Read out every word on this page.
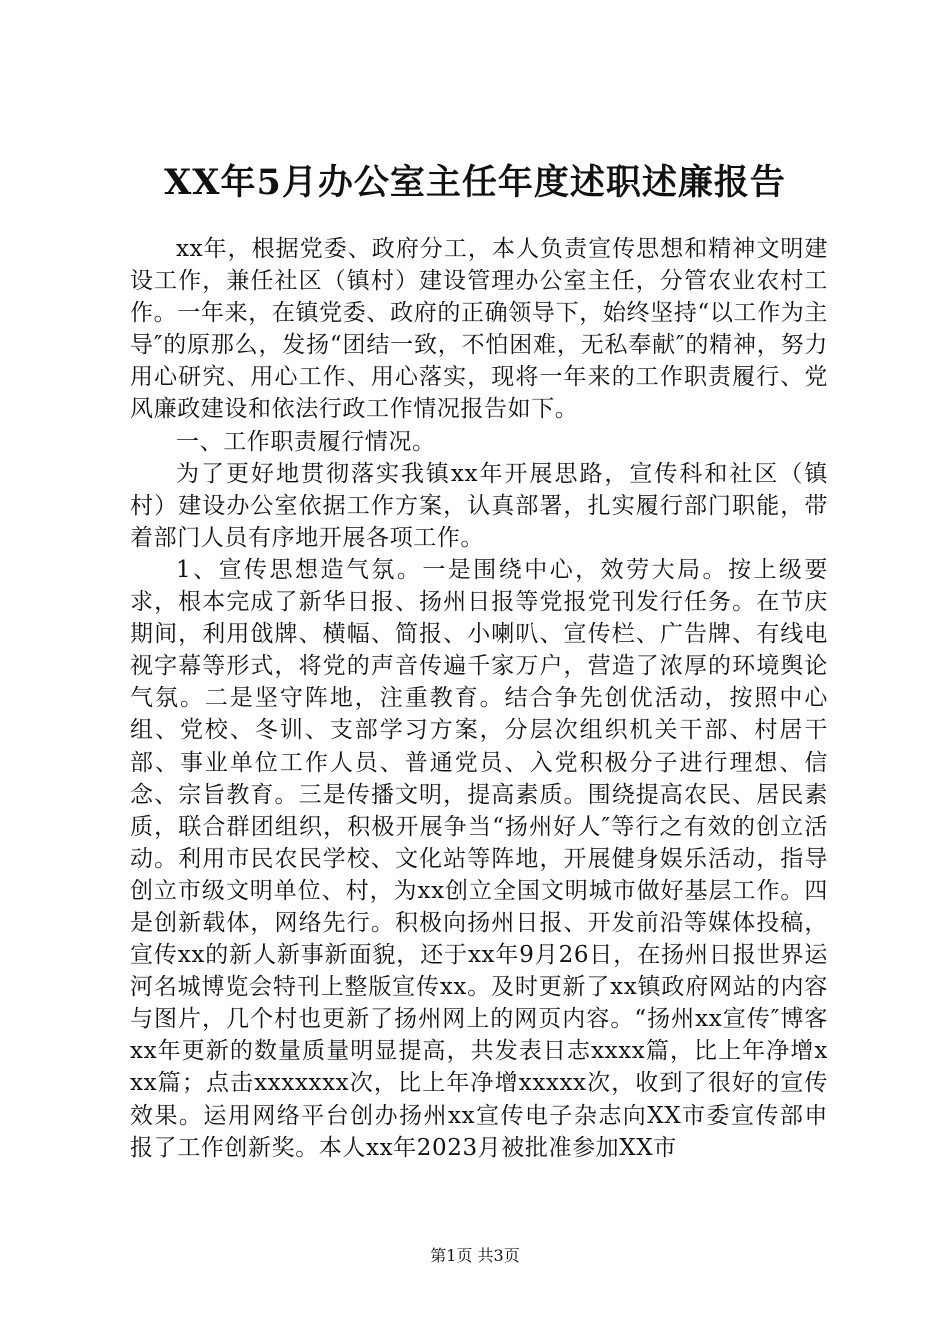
XX年5月办公室主任年度述职述廉报告

xx年，根据党委、政府分工，本人负责宣传思想和精神文明建设工作，兼任社区（镇村）建设管理办公室主任，分管农业农村工作。一年来，在镇党委、政府的正确领导下，始终坚持“以工作为主导″的原那么，发扬“团结一致，不怕困难，无私奉献″的精神，努力用心研究、用心工作、用心落实，现将一年来的工作职责履行、党风廉政建设和依法行政工作情况报告如下。

一、工作职责履行情况。

为了更好地贯彻落实我镇xx年开展思路，宣传科和社区（镇村）建设办公室依据工作方案，认真部署，扎实履行部门职能，带着部门人员有序地开展各项工作。

1、宣传思想造气氛。一是围绕中心，效劳大局。按上级要求，根本完成了新华日报、扬州日报等党报党刊发行任务。在节庆期间，利用戗牌、横幅、简报、小喇叭、宣传栏、广告牌、有线电视字幕等形式，将党的声音传遍千家万户，营造了浓厚的环境舆论气氛。二是坚守阵地，注重教育。结合争先创优活动，按照中心组、党校、冬训、支部学习方案，分层次组织机关干部、村居干部、事业单位工作人员、普通党员、入党积极分子进行理想、信念、宗旨教育。三是传播文明，提高素质。围绕提高农民、居民素质，联合群团组织，积极开展争当“扬州好人″等行之有效的创立活动。利用市民农民学校、文化站等阵地，开展健身娱乐活动，指导创立市级文明单位、村，为xx创立全国文明城市做好基层工作。四是创新载体，网络先行。积极向扬州日报、开发前沿等媒体投稿，宣传xx的新人新事新面貌，还于xx年9月26日，在扬州日报世界运河名城博览会特刊上整版宣传xx。及时更新了xx镇政府网站的内容与图片，几个村也更新了扬州网上的网页内容。“扬州xx宣传″博客xx年更新的数量质量明显提高，共发表日志xxxx篇，比上年净增xxx篇；点击xxxxxxx次，比上年净增xxxxx次，收到了很好的宣传效果。运用网络平台创办扬州xx宣传电子杂志向XX市委宣传部申报了工作创新奖。本人xx年2023月被批准参加XX市

第1页 共3页
